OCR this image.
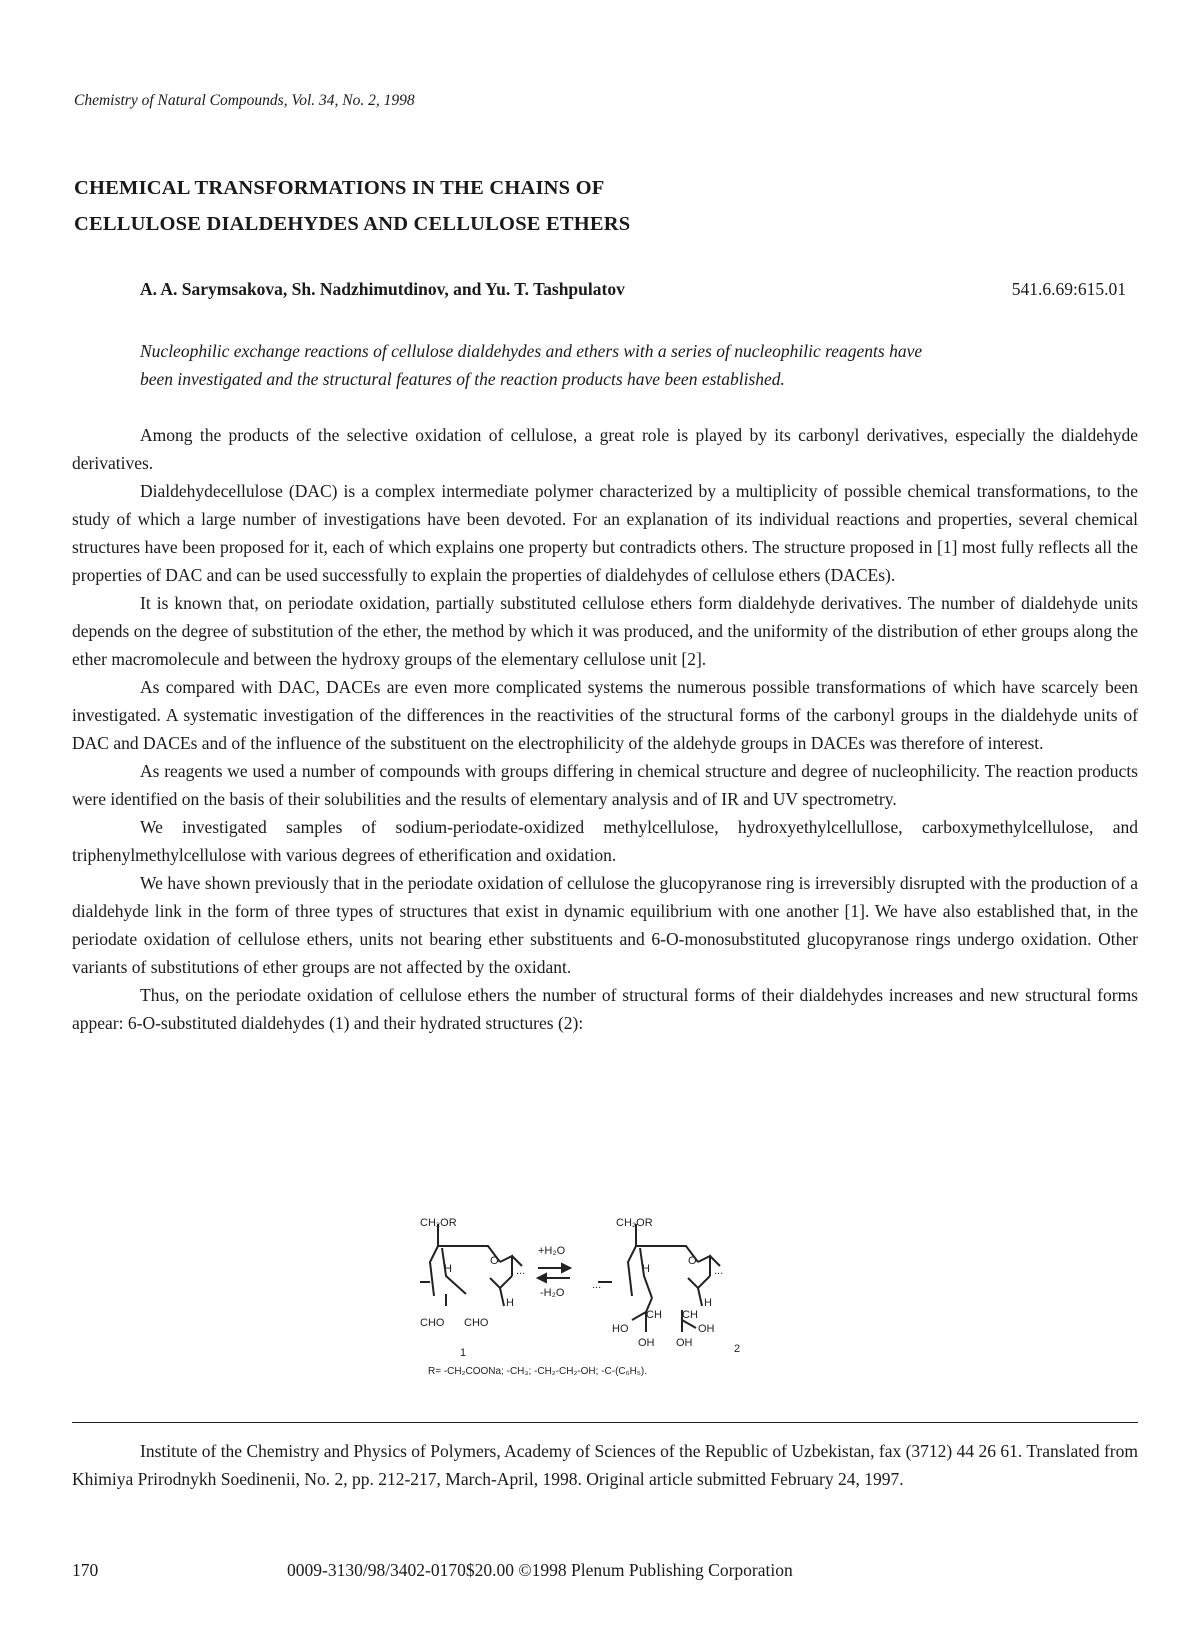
Chemistry of Natural Compounds, Vol. 34, No. 2, 1998
CHEMICAL TRANSFORMATIONS IN THE CHAINS OF
CELLULOSE DIALDEHYDES AND CELLULOSE ETHERS
A. A. Sarymsakova, Sh. Nadzhimutdinov, and Yu. T. Tashpulatov	541.6.69:615.01
Nucleophilic exchange reactions of cellulose dialdehydes and ethers with a series of nucleophilic reagents have
been investigated and the structural features of the reaction products have been established.

Among the products of the selective oxidation of cellulose, a great role is played by its carbonyl derivatives, especially the dialdehyde derivatives.

Dialdehydecellulose (DAC) is a complex intermediate polymer characterized by a multiplicity of possible chemical transformations, to the study of which a large number of investigations have been devoted. For an explanation of its individual reactions and properties, several chemical structures have been proposed for it, each of which explains one property but contradicts others. The structure proposed in [1] most fully reflects all the properties of DAC and can be used successfully to explain the properties of dialdehydes of cellulose ethers (DACEs).

It is known that, on periodate oxidation, partially substituted cellulose ethers form dialdehyde derivatives. The number of dialdehyde units depends on the degree of substitution of the ether, the method by which it was produced, and the uniformity of the distribution of ether groups along the ether macromolecule and between the hydroxy groups of the elementary cellulose unit [2].

As compared with DAC, DACEs are even more complicated systems the numerous possible transformations of which have scarcely been investigated. A systematic investigation of the differences in the reactivities of the structural forms of the carbonyl groups in the dialdehyde units of DAC and DACEs and of the influence of the substituent on the electrophilicity of the aldehyde groups in DACEs was therefore of interest.

As reagents we used a number of compounds with groups differing in chemical structure and degree of nucleophilicity. The reaction products were identified on the basis of their solubilities and the results of elementary analysis and of IR and UV spectrometry.

We investigated samples of sodium-periodate-oxidized methylcellulose, hydroxyethylcellullose, carboxymethylcellulose, and triphenylmethylcellulose with various degrees of etherification and oxidation.

We have shown previously that in the periodate oxidation of cellulose the glucopyranose ring is irreversibly disrupted with the production of a dialdehyde link in the form of three types of structures that exist in dynamic equilibrium with one another [1]. We have also established that, in the periodate oxidation of cellulose ethers, units not bearing ether substituents and 6-O-monosubstituted glucopyranose rings undergo oxidation. Other variants of substitutions of ether groups are not affected by the oxidant.

Thus, on the periodate oxidation of cellulose ethers the number of structural forms of their dialdehydes increases and new structural forms appear: 6-O-substituted dialdehydes (1) and their hydrated structures (2):

CH₂OR
H
O
...
H
CHO CHO
1
+H₂O
-H₂O
CH₂OR
H
O
...
...
H
CH CH
HO	OH
OH OH	2
R= -CH₂COONa; -CH₃; -CH₂-CH₂-OH; -C-(C₆H₅).

Institute of the Chemistry and Physics of Polymers, Academy of Sciences of the Republic of Uzbekistan, fax (3712) 44 26 61. Translated from Khimiya Prirodnykh Soedinenii, No. 2, pp. 212-217, March-April, 1998. Original article submitted February 24, 1997.

170	0009-3130/98/3402-0170$20.00 ©1998 Plenum Publishing Corporation
